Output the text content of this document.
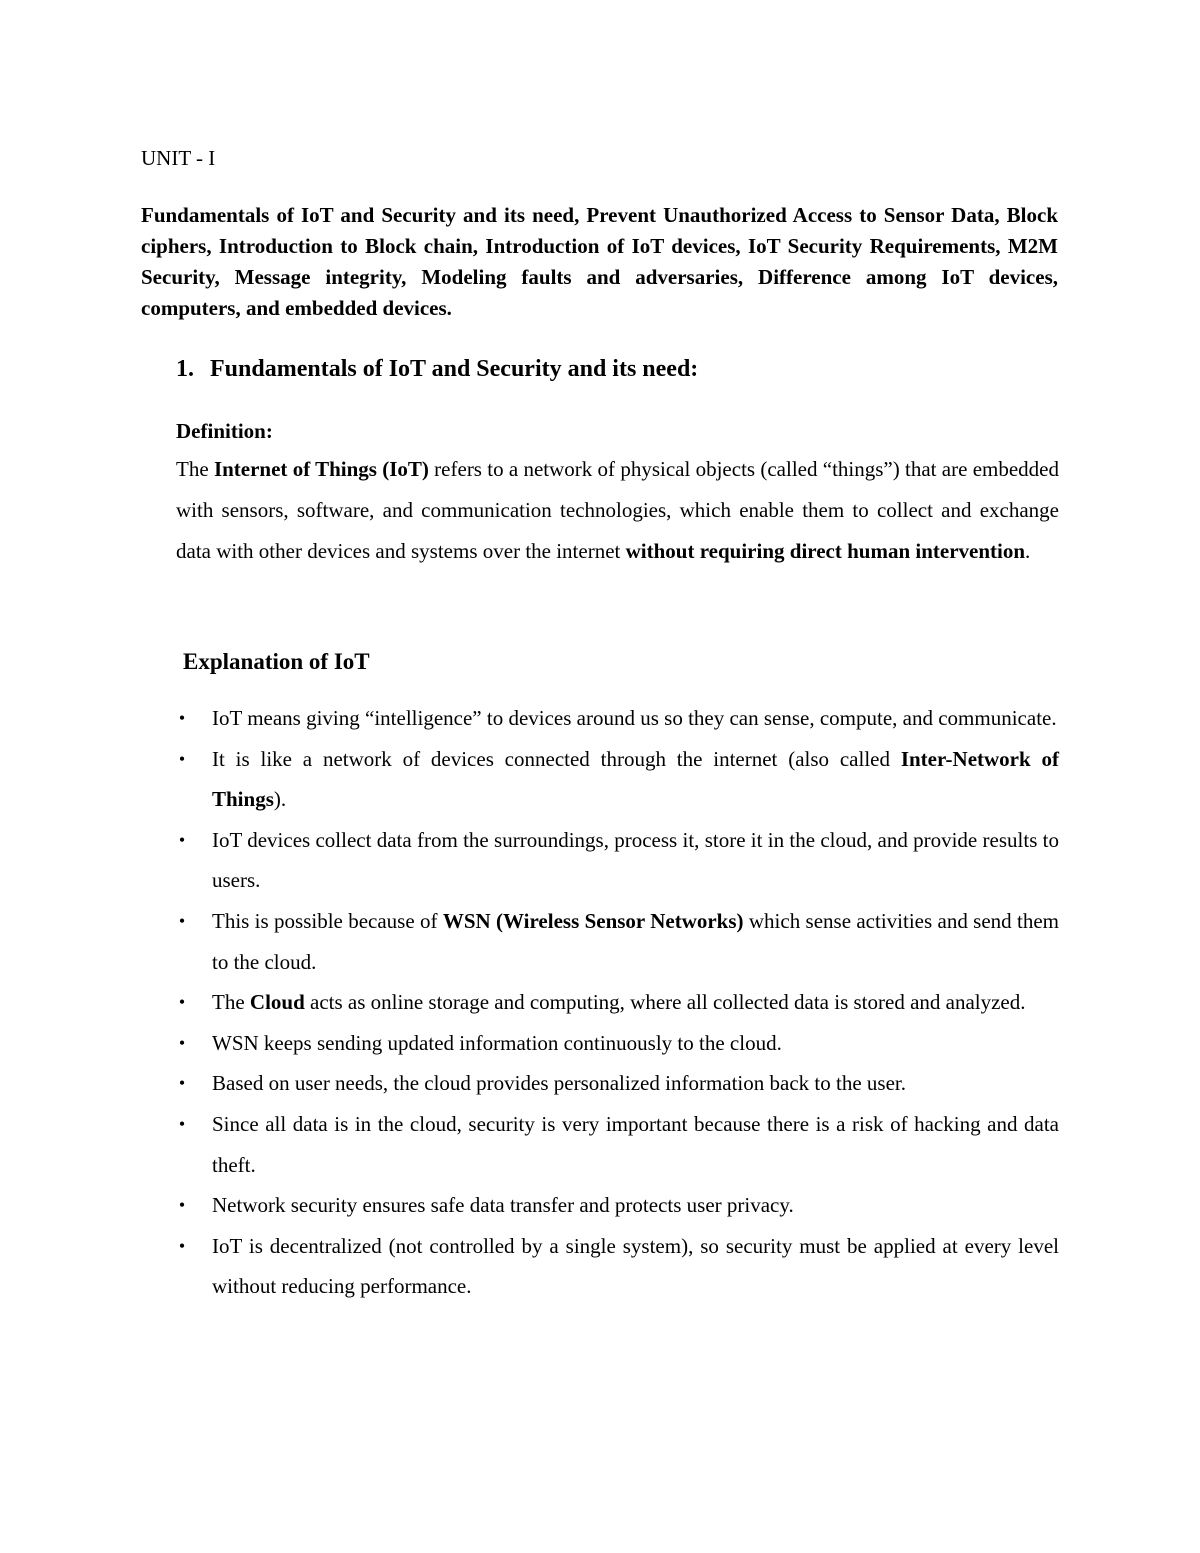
UNIT - I

Fundamentals of IoT and Security and its need, Prevent Unauthorized Access to Sensor Data, Block ciphers, Introduction to Block chain, Introduction of IoT devices, IoT Security Requirements, M2M Security, Message integrity, Modeling faults and adversaries, Difference among IoT devices, computers, and embedded devices.

1. Fundamentals of IoT and Security and its need:

Definition:

The Internet of Things (IoT) refers to a network of physical objects (called “things”) that are embedded with sensors, software, and communication technologies, which enable them to collect and exchange data with other devices and systems over the internet without requiring direct human intervention.

Explanation of IoT
• IoT means giving “intelligence” to devices around us so they can sense, compute, and communicate.
• It is like a network of devices connected through the internet (also called Inter-Network of Things).
• IoT devices collect data from the surroundings, process it, store it in the cloud, and provide results to users.
• This is possible because of WSN (Wireless Sensor Networks) which sense activities and send them to the cloud.
• The Cloud acts as online storage and computing, where all collected data is stored and analyzed.
• WSN keeps sending updated information continuously to the cloud.
• Based on user needs, the cloud provides personalized information back to the user.
• Since all data is in the cloud, security is very important because there is a risk of hacking and data theft.
• Network security ensures safe data transfer and protects user privacy.
• IoT is decentralized (not controlled by a single system), so security must be applied at every level without reducing performance.
